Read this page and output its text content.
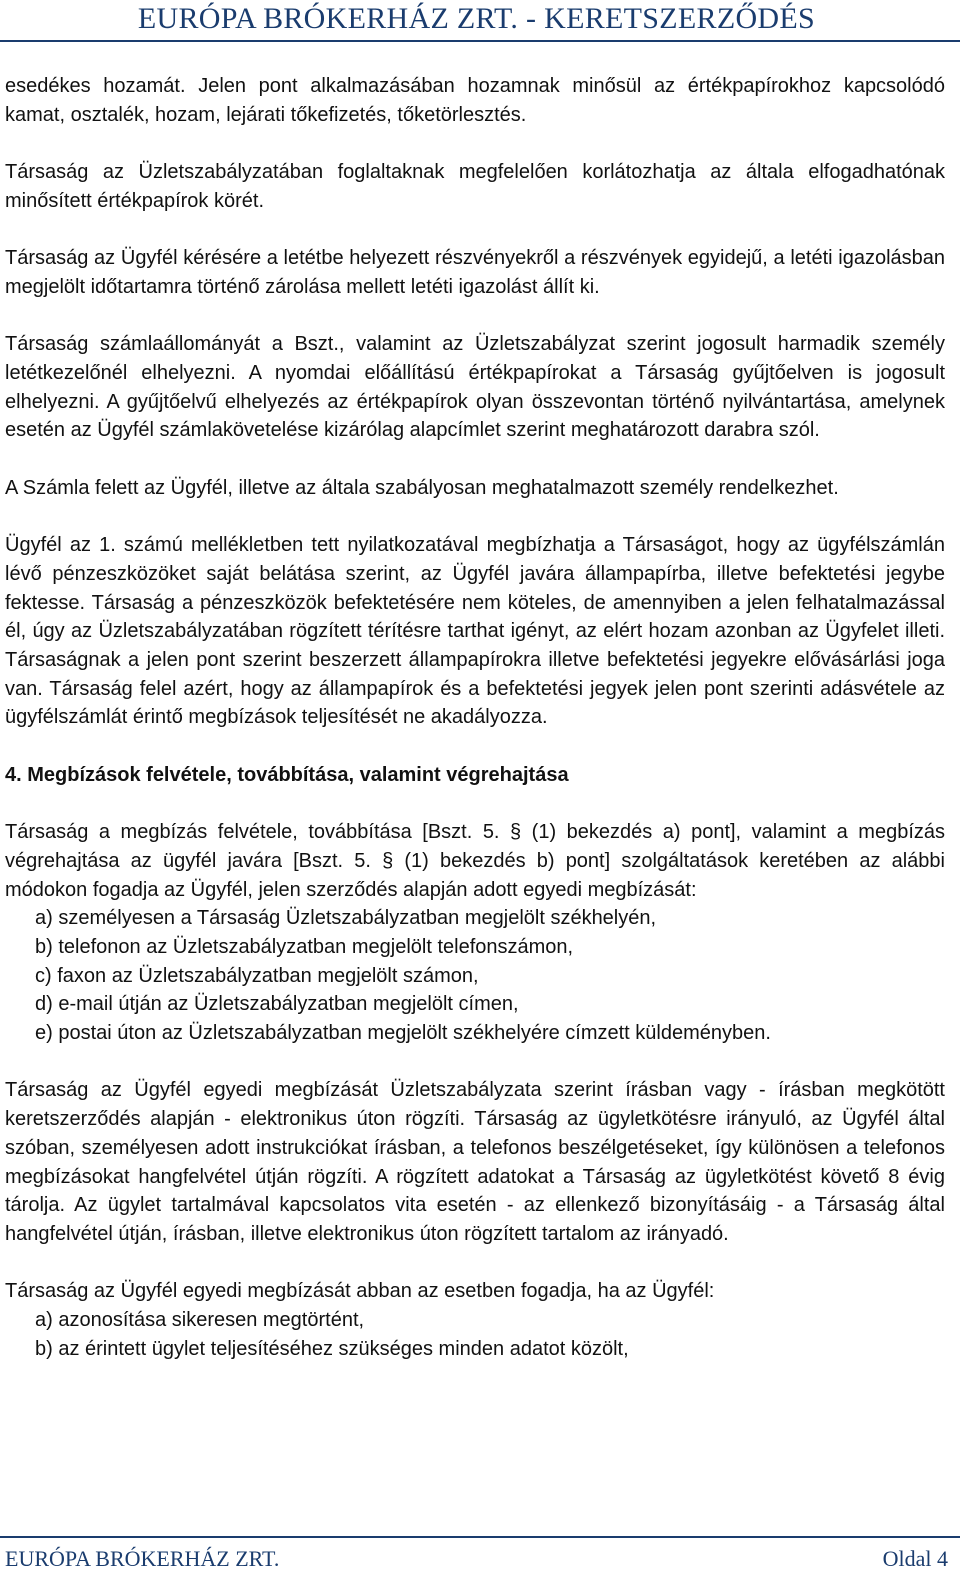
EURÓPA BRÓKERHÁZ ZRT. - KERETSZERZŐDÉS

esedékes hozamát. Jelen pont alkalmazásában hozamnak minősül az értékpapírokhoz kapcsolódó kamat, osztalék, hozam, lejárati tőkefizetés, tőketörlesztés.

Társaság az Üzletszabályzatában foglaltaknak megfelelően korlátozhatja az általa elfogadhatónak minősített értékpapírok körét.

Társaság az Ügyfél kérésére a letétbe helyezett részvényekről a részvények egyidejű, a letéti igazolásban megjelölt időtartamra történő zárolása mellett letéti igazolást állít ki.

Társaság számlaállományát a Bszt., valamint az Üzletszabályzat szerint jogosult harmadik személy letétkezelőnél elhelyezni. A nyomdai előállítású értékpapírokat a Társaság gyűjtőelven is jogosult elhelyezni. A gyűjtőelvű elhelyezés az értékpapírok olyan összevontan történő nyilvántartása, amelynek esetén az Ügyfél számlakövetelése kizárólag alapcímlet szerint meghatározott darabra szól.

A Számla felett az Ügyfél, illetve az általa szabályosan meghatalmazott személy rendelkezhet.

Ügyfél az 1. számú mellékletben tett nyilatkozatával megbízhatja a Társaságot, hogy az ügyfélszámlán lévő pénzeszközöket saját belátása szerint, az Ügyfél javára állampapírba, illetve befektetési jegybe fektesse. Társaság a pénzeszközök befektetésére nem köteles, de amennyiben a jelen felhatalmazással él, úgy az Üzletszabályzatában rögzített térítésre tarthat igényt, az elért hozam azonban az Ügyfelet illeti. Társaságnak a jelen pont szerint beszerzett állampapírokra illetve befektetési jegyekre elővásárlási joga van. Társaság felel azért, hogy az állampapírok és a befektetési jegyek jelen pont szerinti adásvétele az ügyfélszámlát érintő megbízások teljesítését ne akadályozza.

4. Megbízások felvétele, továbbítása, valamint végrehajtása

Társaság a megbízás felvétele, továbbítása [Bszt. 5. § (1) bekezdés a) pont], valamint a megbízás végrehajtása az ügyfél javára [Bszt. 5. § (1) bekezdés b) pont] szolgáltatások keretében az alábbi módokon fogadja az Ügyfél, jelen szerződés alapján adott egyedi megbízását:

a) személyesen a Társaság Üzletszabályzatban megjelölt székhelyén,
b) telefonon az Üzletszabályzatban megjelölt telefonszámon,
c) faxon az Üzletszabályzatban megjelölt számon,
d) e-mail útján az Üzletszabályzatban megjelölt címen,
e) postai úton az Üzletszabályzatban megjelölt székhelyére címzett küldeményben.

Társaság az Ügyfél egyedi megbízását Üzletszabályzata szerint írásban vagy - írásban megkötött keretszerződés alapján - elektronikus úton rögzíti. Társaság az ügyletkötésre irányuló, az Ügyfél által szóban, személyesen adott instrukciókat írásban, a telefonos beszélgetéseket, így különösen a telefonos megbízásokat hangfelvétel útján rögzíti. A rögzített adatokat a Társaság az ügyletkötést követő 8 évig tárolja. Az ügylet tartalmával kapcsolatos vita esetén - az ellenkező bizonyításáig - a Társaság által hangfelvétel útján, írásban, illetve elektronikus úton rögzített tartalom az irányadó.

Társaság az Ügyfél egyedi megbízását abban az esetben fogadja, ha az Ügyfél:

a) azonosítása sikeresen megtörtént,
b) az érintett ügylet teljesítéséhez szükséges minden adatot közölt,
EURÓPA BRÓKERHÁZ ZRT.	Oldal 4
